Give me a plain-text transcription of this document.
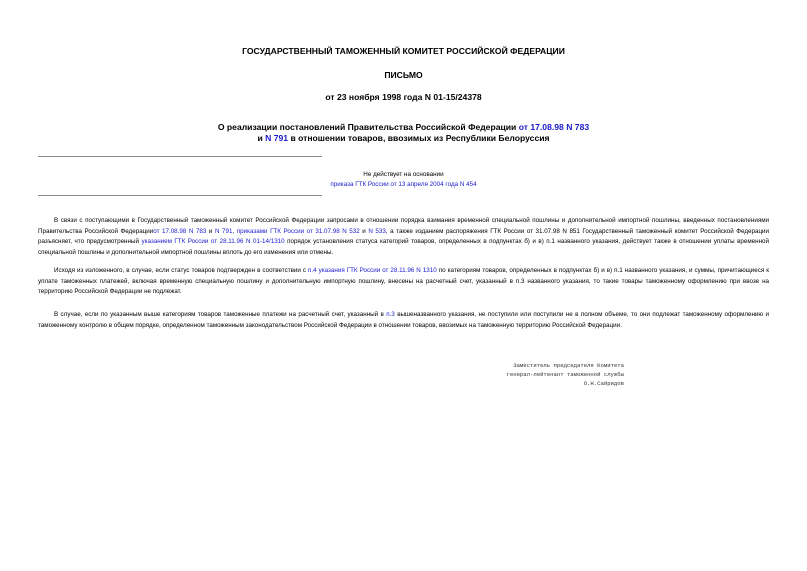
ГОСУДАРСТВЕННЫЙ ТАМОЖЕННЫЙ КОМИТЕТ РОССИЙСКОЙ ФЕДЕРАЦИИ
ПИСЬМО
от 23 ноября 1998 года N 01-15/24378
О реализации постановлений Правительства Российской Федерации от 17.08.98 N 783
и N 791 в отношении товаров, ввозимых из Республики Белоруссия
Не действует на основании
приказа ГТК России от 13 апреля 2004 года N 454

В связи с поступающими в Государственный таможенный комитет Российской Федерации запросами в отношении порядка взимания временной специальной пошлины и дополнительной импортной пошлины, введенных постановлениями Правительства Российской Федерацииот 17.08.98 N 783 и N 791, приказами ГТК России от 31.07.98 N 532 и N 533, а также изданием распоряжения ГТК России от 31.07.98 N 851 Государственный таможенный комитет Российской Федерации разъясняет, что предусмотренный указанием ГТК России от 28.11.96 N 01-14/1310 порядок установления статуса категорий товаров, определенных в подпунктах б) и в) п.1 названного указания, действует также в отношении уплаты временной специальной пошлины и дополнительной импортной пошлины вплоть до его изменения или отмены.

Исходя из изложенного, в случае, если статус товаров подтвержден в соответствии с п.4 указания ГТК России от 28.11.96 N 1310 по категориям товаров, определенных в подпунктах б) и в) п.1 названного указания, и суммы, причитающиеся к уплате таможенных платежей, включая временную специальную пошлину и дополнительную импортную пошлину, внесены на расчетный счет, указанный в п.3 названного указания, то такие товары таможенному оформлению при ввозе на территорию Российской Федерации не подлежат.

В случае, если по указанным выше категориям товаров таможенные платежи на расчетный счет, указанный в п.3 вышеназванного указания, не поступили или поступили не в полном объеме, то они подлежат таможенному оформлению и таможенному контролю в общем порядке, определенном таможенным законодательством Российской Федерации в отношении товаров, ввозимых на таможенную территорию Российской Федерации.

Заместитель председателя Комитета
генерал-лейтенант таможенной службы
О.Н.Сайридов
